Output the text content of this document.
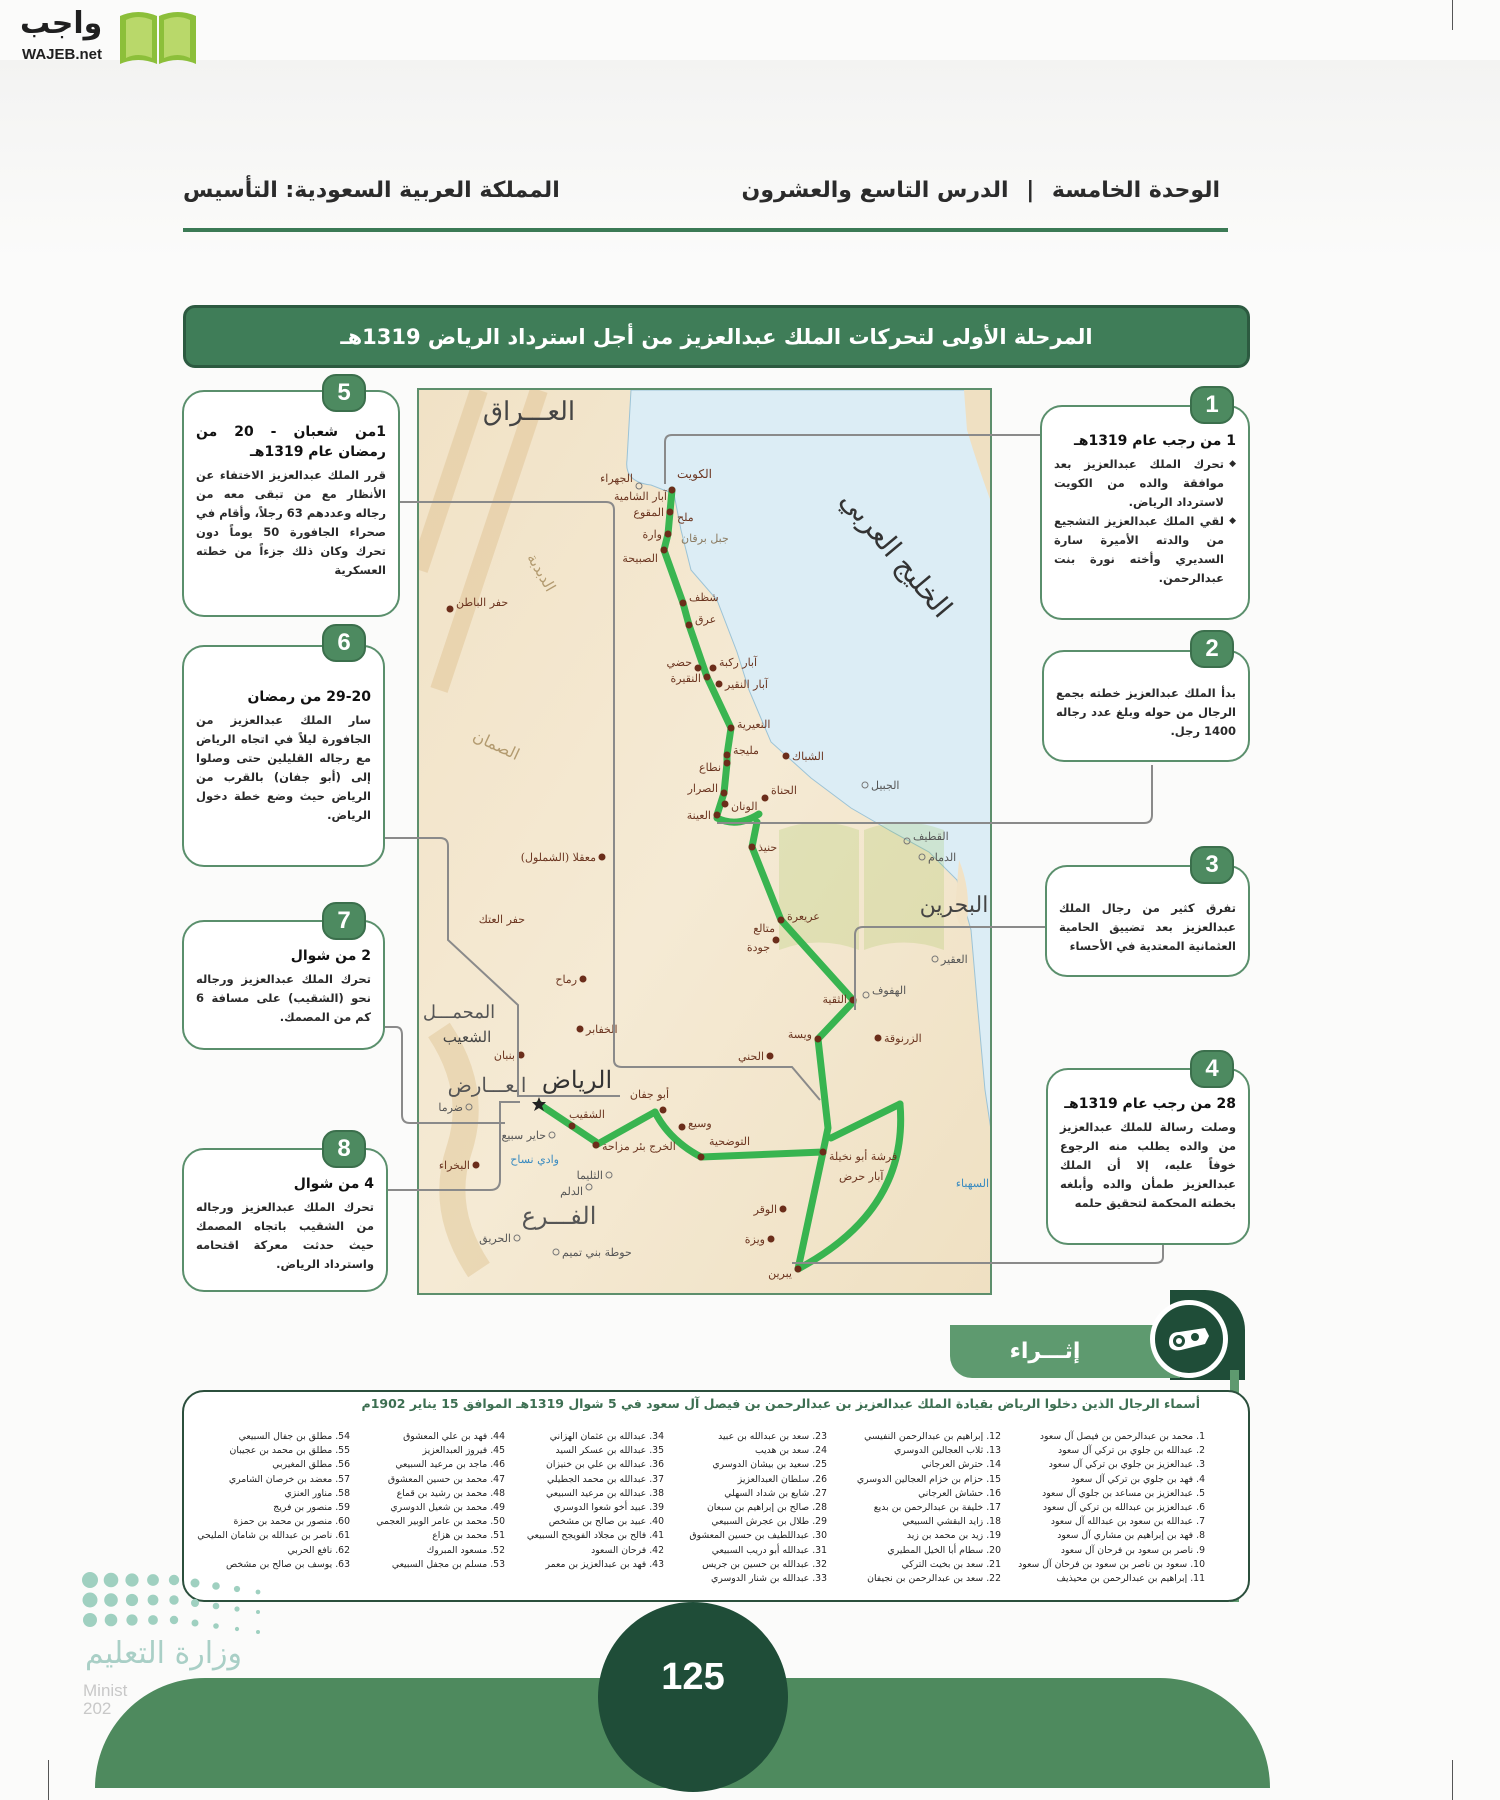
واجب
WAJEB.net
الوحدة الخامسة | الدرس التاسع والعشرون
المملكة العربية السعودية: التأسيس
المرحلة الأولى لتحركات الملك عبدالعزيز من أجل استرداد الرياض 1319هـ
الكويت
الجهراء
آبار الشامية
المقوع ملح
وارة جبل برقان
الصبيحة
شظف
عرق
آبار ركبة
حضي
النقيرة آبار النقير
النعيرية
مليجة
نطاع
الشباك
الجبيل
الحناة
الصرار
الونان
العينة
حفر الباطن
حنيذ
معقلا (الشملول)
القطيف
الدمام
عريعرة
متالع
جودة
حفر العتك
رماح
العقير
الهفوف
الثقية
الخفابر	ويسة	الزرنوقة
بنبان	الحني
ضرما
أبو جفان
الشقيب
وسيع
حاير سبيع
الخرج بئر مزاحة	التوضحية
فرشة أبو نخيلة
آبار حرض
البخراء	وادي نساح
الثليما
الدلم
السهباء
الوقر
الحريق	ويزة
حوطة بني تميم
يبرين
العـــراق
الخليج العربي
البحرين
الرياض
العـــارض
المحمـــل
الشعيب
الفـــرع
الدبدبة
الصمان
1 من رجب عام 1319هـ
◆ تحرك الملك عبدالعزيز بعد موافقة والده من الكويت لاسترداد الرياض.
◆ لقي الملك عبدالعزيز التشجيع من والدته الأميرة سارة السديري وأخته نورة بنت عبدالرحمن.
1
بدأ الملك عبدالعزيز خطته بجمع الرجال من حوله وبلغ عدد رجاله 1400 رجل.
2
تفرق كثير من رجال الملك عبدالعزيز بعد تضييق الحامية العثمانية المعتدية في الأحساء
3
28 من رجب عام 1319هـ
وصلت رسالة للملك عبدالعزيز من والده يطلب منه الرجوع خوفاً عليه، إلا أن الملك عبدالعزيز طمأن والده وأبلغه بخطته المحكمة لتحقيق حلمه
4
1من شعبان - 20 من رمضان عام 1319هـ
قرر الملك عبدالعزيز الاختفاء عن الأنظار مع من تبقى معه من رجاله وعددهم 63 رجلاً، وأقام في صحراء الجافورة 50 يوماً دون تحرك وكان ذلك جزءاً من خطته العسكرية
5
29-20 من رمضان
سار الملك عبدالعزيز من الجافورة ليلاً في اتجاه الرياض مع رجاله القليلين حتى وصلوا إلى (أبو جفان) بالقرب من الرياض حيث وضع خطة دخول الرياض.
6
2 من شوال
تحرك الملك عبدالعزيز ورجاله نحو (الشقيب) على مسافة 6 كم من المصمك.
7
4 من شوال
تحرك الملك عبدالعزيز ورجاله من الشقيب باتجاه المصمك حيث حدثت معركة اقتحامه واسترداد الرياض.
8
إثـــراء
أسماء الرجال الذين دخلوا الرياض بقيادة الملك عبدالعزيز بن عبدالرحمن بن فيصل آل سعود في 5 شوال 1319هـ الموافق 15 يناير 1902م
1.
محمد بن عبدالرحمن بن فيصل آل سعود
2.
عبدالله بن جلوي بن تركي آل سعود
3.
عبدالعزيز بن جلوي بن تركي آل سعود
4.
فهد بن جلوي بن تركي آل سعود
5.
عبدالعزيز بن مساعد بن جلوي آل سعود
6.
عبدالعزيز بن عبدالله بن تركي آل سعود
7.
عبدالله بن سعود بن عبدالله آل سعود
8.
فهد بن إبراهيم بن مشاري آل سعود
9.
ناصر بن سعود بن فرحان آل سعود
10.
سعود بن ناصر بن سعود بن فرحان آل سعود
11.
إبراهيم بن عبدالرحمن بن محيذيف
12.
إبراهيم بن عبدالرحمن النفيسي
13.
ثلاب العجالين الدوسري
14.
حترش العرجاني
15.
حزام بن خزام العجالين الدوسري
16.
حشاش العرجاني
17.
خليفة بن عبدالرحمن بن بديع
18.
زايد البقشي السبيعي
19.
زيد بن محمد بن زيد
20.
سطام أبا الخيل المطيري
21.
سعد بن بخيت التركي
22.
سعد بن عبدالرحمن بن نجيفان
23.
سعد بن عبدالله بن عبيد
24.
سعد بن هديب
25.
سعيد بن بيشان الدوسري
26.
سلطان العبدالعزيز
27.
شايع بن شداد السهلي
28.
صالح بن إبراهيم بن سبعان
29.
طلال بن عجرش السبيعي
30.
عبداللطيف بن حسين المعشوق
31.
عبدالله أبو دريب السبيعي
32.
عبدالله بن حسين بن جريس
33.
عبدالله بن شنار الدوسري
34.
عبدالله بن عثمان الهزاني
35.
عبدالله بن عسكر السيد
36.
عبدالله بن علي بن خنيزان
37.
عبدالله بن محمد الجطيلي
38.
عبدالله بن مرعيد السبيعي
39.
عبيد أخو شعوا الدوسري
40.
عبيد بن صالح بن مشخص
41.
فالح بن مجلاد الفويجح السبيعي
42.
فرحان السعود
43.
فهد بن عبدالعزيز بن معمر
44.
فهد بن علي المعشوق
45.
فيروز العبدالعزيز
46.
ماجد بن مرعيد السبيعي
47.
محمد بن حسين المعشوق
48.
محمد بن رشيد بن قماع
49.
محمد بن شعيل الدوسري
50.
محمد بن عامر الوبير العجمي
51.
محمد بن هزاع
52.
مسعود المبروك
53.
مسلم بن مجفل السبيعي
54.
مطلق بن جفال السبيعي
55.
مطلق بن محمد بن عجيبان
56.
مطلق المغيربي
57.
معضد بن خرصان الشامري
58.
مناور العنزي
59.
منصور بن فريج
60.
منصور بن محمد بن حمزة
61.
ناصر بن عبدالله بن شامان المليحي
62.
نافع الحربي
63.
يوسف بن صالح بن مشخص
وزارة التعليم
Minist
202
125
